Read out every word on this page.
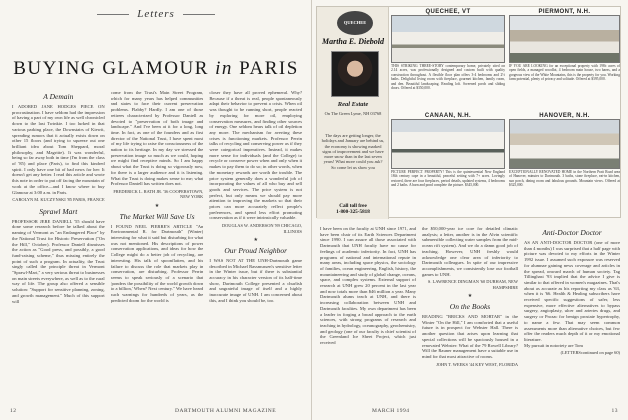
Letters
BUYING GLAMOUR in PARIS
A Demain

I ADORED JANE HODGES PIECE ON procrastination. I have seldom had the impression of having a part of my own life as well chronicled down to the last Twinkie. I too lurked in that various parking place, the Downstairs of Kiewit, spreading rumors that it actually exists down on other 15 floors (and trying to squeeze out one brilliant idea about Tom Sheppard, moral philosophy, and Magritte). It was wonderful, being so far away both in time (I'm from the class of '85) and place (Paris), to find this kindred spirit. I only have one bit of bad news for her: It doesn't get any better. I read this article and wrote this note in order to put off facing the mountain of work at the office—and I know where to buy Glamour at 3:00 a.m. in Paris.

CAROLYN M. KUCZYNSKI '85 PARIS, FRANCE
Sprawl Mart

PROFESSOR JERE DANIELL '55 should have done some research before he talked about the naming of Vermont as "an Endangered Place" by the National Trust for Historic Preservation ("On the Hill," October). Professor Daniell dismisses the action as "Good press, and possibly, a good fund-raising scheme," thus missing entirely the point of such a program. In actuality, the Trust singly called the principle threat in Vermont "Sprawl-Mart," a very serious threat to businesses on main streets everywhere, as well as to the rural way of life. The group also offered a sensible solution: "Support for sensitive planning, zoning, and growth management." Much of this support will

come from the Trust's Main Street Program, which for many years has helped communities and states to face their current preservation problems. Flabby? Hardly. I am one of those retirees characterized by Professor Daniell as devoted to "preservation of both image and landscape." And I've been at it for a long, long time. In fact, as one of the founders and as first director of the National Trust, I have spent most of my life trying to raise the consciousness of the nation to its heritage. In my day we stressed the preservation image so much as we could, hoping we might find receptive minds. So I am happy about what the Trust is doing so vigorously now, for there is a larger audience and it is listening. What the Trust is doing makes sense to me; what Professor Daniell has written does not.

FREDERICK L. RATH JR. '36 COOPERSTOWN, NEW YORK
★
The Market Will Save Us

I FOUND NEEL PIERRE'S ARTICLE "An Environmental R. for Dartmouth" (Winter) interesting for what it said but disturbing for what was not mentioned. His descriptions of power conservation applications, and ideas for how the College might do a better job of recycling, are interesting. His talk of spoonflatten, and his failure to discuss the role that markets play in conservation, are disturbing. Professor Perrin seems to speak seriously of a scenario that 'ponders the possibility of the world growth down to a billion,' When? Next century." We have heard such warnings for hundreds of years, as the predicted doom for the world is

closer they have all proved ephemeral. Why? Because if a threat is real, people spontaneously adapt their behavior to prevent a crisis. When oil was thought to be running short, people reacted by exploring for more oil, employing conservation measures, and finding other sources of energy. One seldom hears talk of oil depletion any more. The mechanism for averting these crises is functioning markets. Professor Perrin talks of recycling and conserving power as if they were categorical imperatives. Instead, it makes more sense for individuals (and the College) to recycle or conserve power when and only when it makes to pay them to do so; in other words, when the monetary rewards are worth the trouble. The price system generally does a wonderful job of incorporating the values of all who buy and sell goods and services. The price system is not perfect, but only means we should pay more attention to improving the markets so that their prices can more accurately reflect people's preferences, and spend less effort promoting conservation as if it were intrinsically valuable.

DOUGLAS W. ANDERSON '89 CHICAGO, ILLINOIS
★
Our Proud Neighbor

I WAS NOT AT THE UNH-Dartmouth game described in Michael Rassmussen's sensitive letter in the Winter issue, but if there is substantial accuracy in his character version of its half-time show, Dartmouth College presented a churlish and ungrateful image of itself and a highly inaccurate image of UNH. I am concerned about this, and I think you should be, too.

12	DARTMOUTH ALUMNI MAGAZINE
QUECHEE
Martha E. Diebold
Real Estate
On The Green Lyme, NH 03768
The days are getting longer, the holidays and January are behind us, the economy is showing marked signs of improvement and we have more snow than in the last seven years! What more could you ask? So come let us show you
Call toll free
1-800-325-5818
QUECHEE, VT
THIS STRIKING THREE-STORY contemporary home, privately sited on 2.14 acres, was professionally designed and custom built with quality construction throughout. A flexible floor plan offers 3-4 bedrooms and 2½ baths. Delightful living room with fireplace, gourmet kitchen, family room, and den. Beautiful landscaping. Reading loft. Screened porch and sliding doors. Offered at $350,000.
PIERMONT, N.H.
IF YOU ARE LOOKING for an exceptional property with 198± acres of open fields, a managed woodlot, 4 bedroom main house, two barns, and a gorgeous view of the White Mountains, this is the property for you. Working farm potential, plenty of privacy and solitude. Offered at $395,000.
CANAAN, N.H.
PICTURE PERFECT PROPERTY! This is the quintessential New England 18th century cape in a beautiful, peaceful setting with 7+ acres. Lovingly restored, there are four fireplaces, period details, updated systems, 4 bedrooms and 2 baths. A barn and pond complete the picture. $345,000.
HANOVER, N.H.
EXCEPTIONALLY RENOVATED HOME in the Northern Pratt Road area of Hanover, minutes to Dartmouth. 3 baths, stone fireplace, eat-in kitchen, sun porch, dining room and fabulous grounds. Mountain views. Offered at $325,000.

I have been on the faculty at UNH since 1971, and have been chair of its Earth Sciences Department since 1990. I can assure all those associated with Dartmouth that UNH faculty have no cause for feelings of academic inferiority. In fact, UNH has programs of national and international repute in many areas, including space physics, the sociology of families, ocean engineering, English, history, the mountaineering and study of global change, oceans, space, and complex systems. External support of research at UNH grew 20 percent in the last year and now totals more than $46 million a year. Many Dartmouth alums teach at UNH, and there is increasing collaboration between UNH and Dartmouth faculties. My own department has been a leader in forging a broad approach to the earth sciences, with strong programs of research and teaching in hydrology, oceanography, geochemistry, and geology (one of our faculty is chief scientist of the Greenland Ice Sheet Project, which just received

the $50,000-year ice core for detailed climatic analysis; a letter, another is in the Alvin scientific submersible collecting water samples from the mid-ocean rift system). And we do a damn good job of teaching. However, UNH freshly would acknowledge one clear area of inferiority to Dartmouth colleagues. In spite of our impressive accomplishments, we consistently lose our football games to UNH.

S. LAWRENCE DINGMAN '60 DURHAM, NEW HAMPSHIRE
★
On the Books

READING "BRICKS AND MORTAR" in the Winter "On the Hill," I am comforted that a useful future is in prospect for Webster Hall. There is another question that arises upon learning that special collections will be spaciously housed in a renovated Webster: What of the 79 Rowell Library? Will the Rauner management have a suitable use in mind for that most attractive of rooms.

JOHN T. WEEKS '44 KEY WEST, FLORIDA
Anti-Doctor Doctor

AS AN ANTI-DOCTOR DOCTOR (one of more than 4 months) I was surprised that a half page with picture was devoted to my efforts in the Winter 1992 issue. I assumed such exposure was reserved for alumnae gaining news coverage and articles in the spread, onward march of human society. Tag Tillinghast '93 implied that the advice I give is similar to that offered in women's magazines. That's about as accurate as his reporting my class as '63, when it is '66. Health & Healing subscribers have received specific suggestions of safer, less expensive, more effective alternatives to bypass surgery, angioplasty, ulcer and arteries drugs, and surgery or Prozac for benign prostate hypertrophy, to name a few. That may seem common assessments more than alternative choices, but few offer the readers much depth of it or my emotional literature.

My pursuit in notoriety are Tom

(LETTERScontinued on page 60)

MARCH 1994	13
